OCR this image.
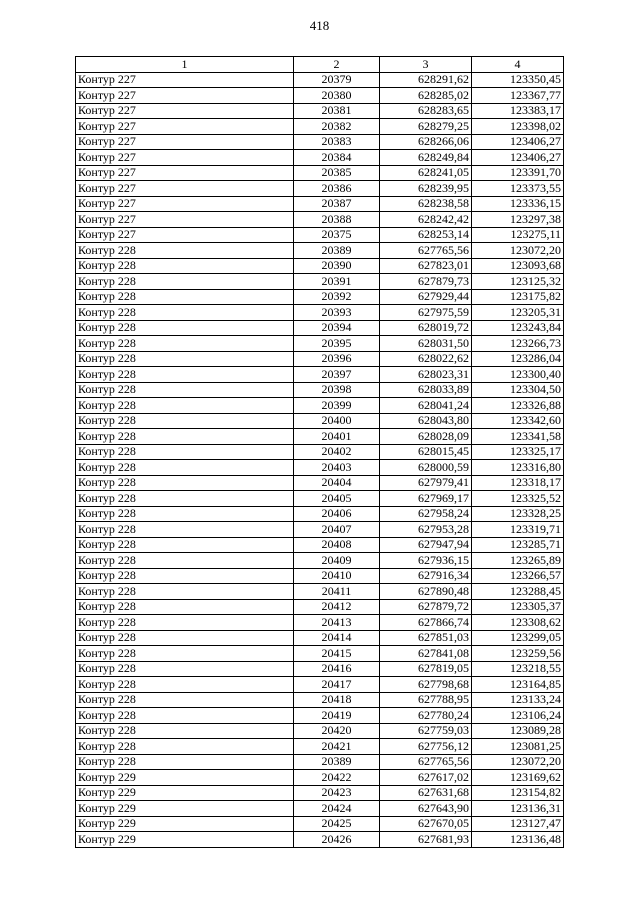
418
1	2	3	4
Контур 227	20379	628291,62	123350,45
Контур 227	20380	628285,02	123367,77
Контур 227	20381	628283,65	123383,17
Контур 227	20382	628279,25	123398,02
Контур 227	20383	628266,06	123406,27
Контур 227	20384	628249,84	123406,27
Контур 227	20385	628241,05	123391,70
Контур 227	20386	628239,95	123373,55
Контур 227	20387	628238,58	123336,15
Контур 227	20388	628242,42	123297,38
Контур 227	20375	628253,14	123275,11
Контур 228	20389	627765,56	123072,20
Контур 228	20390	627823,01	123093,68
Контур 228	20391	627879,73	123125,32
Контур 228	20392	627929,44	123175,82
Контур 228	20393	627975,59	123205,31
Контур 228	20394	628019,72	123243,84
Контур 228	20395	628031,50	123266,73
Контур 228	20396	628022,62	123286,04
Контур 228	20397	628023,31	123300,40
Контур 228	20398	628033,89	123304,50
Контур 228	20399	628041,24	123326,88
Контур 228	20400	628043,80	123342,60
Контур 228	20401	628028,09	123341,58
Контур 228	20402	628015,45	123325,17
Контур 228	20403	628000,59	123316,80
Контур 228	20404	627979,41	123318,17
Контур 228	20405	627969,17	123325,52
Контур 228	20406	627958,24	123328,25
Контур 228	20407	627953,28	123319,71
Контур 228	20408	627947,94	123285,71
Контур 228	20409	627936,15	123265,89
Контур 228	20410	627916,34	123266,57
Контур 228	20411	627890,48	123288,45
Контур 228	20412	627879,72	123305,37
Контур 228	20413	627866,74	123308,62
Контур 228	20414	627851,03	123299,05
Контур 228	20415	627841,08	123259,56
Контур 228	20416	627819,05	123218,55
Контур 228	20417	627798,68	123164,85
Контур 228	20418	627788,95	123133,24
Контур 228	20419	627780,24	123106,24
Контур 228	20420	627759,03	123089,28
Контур 228	20421	627756,12	123081,25
Контур 228	20389	627765,56	123072,20
Контур 229	20422	627617,02	123169,62
Контур 229	20423	627631,68	123154,82
Контур 229	20424	627643,90	123136,31
Контур 229	20425	627670,05	123127,47
Контур 229	20426	627681,93	123136,48
